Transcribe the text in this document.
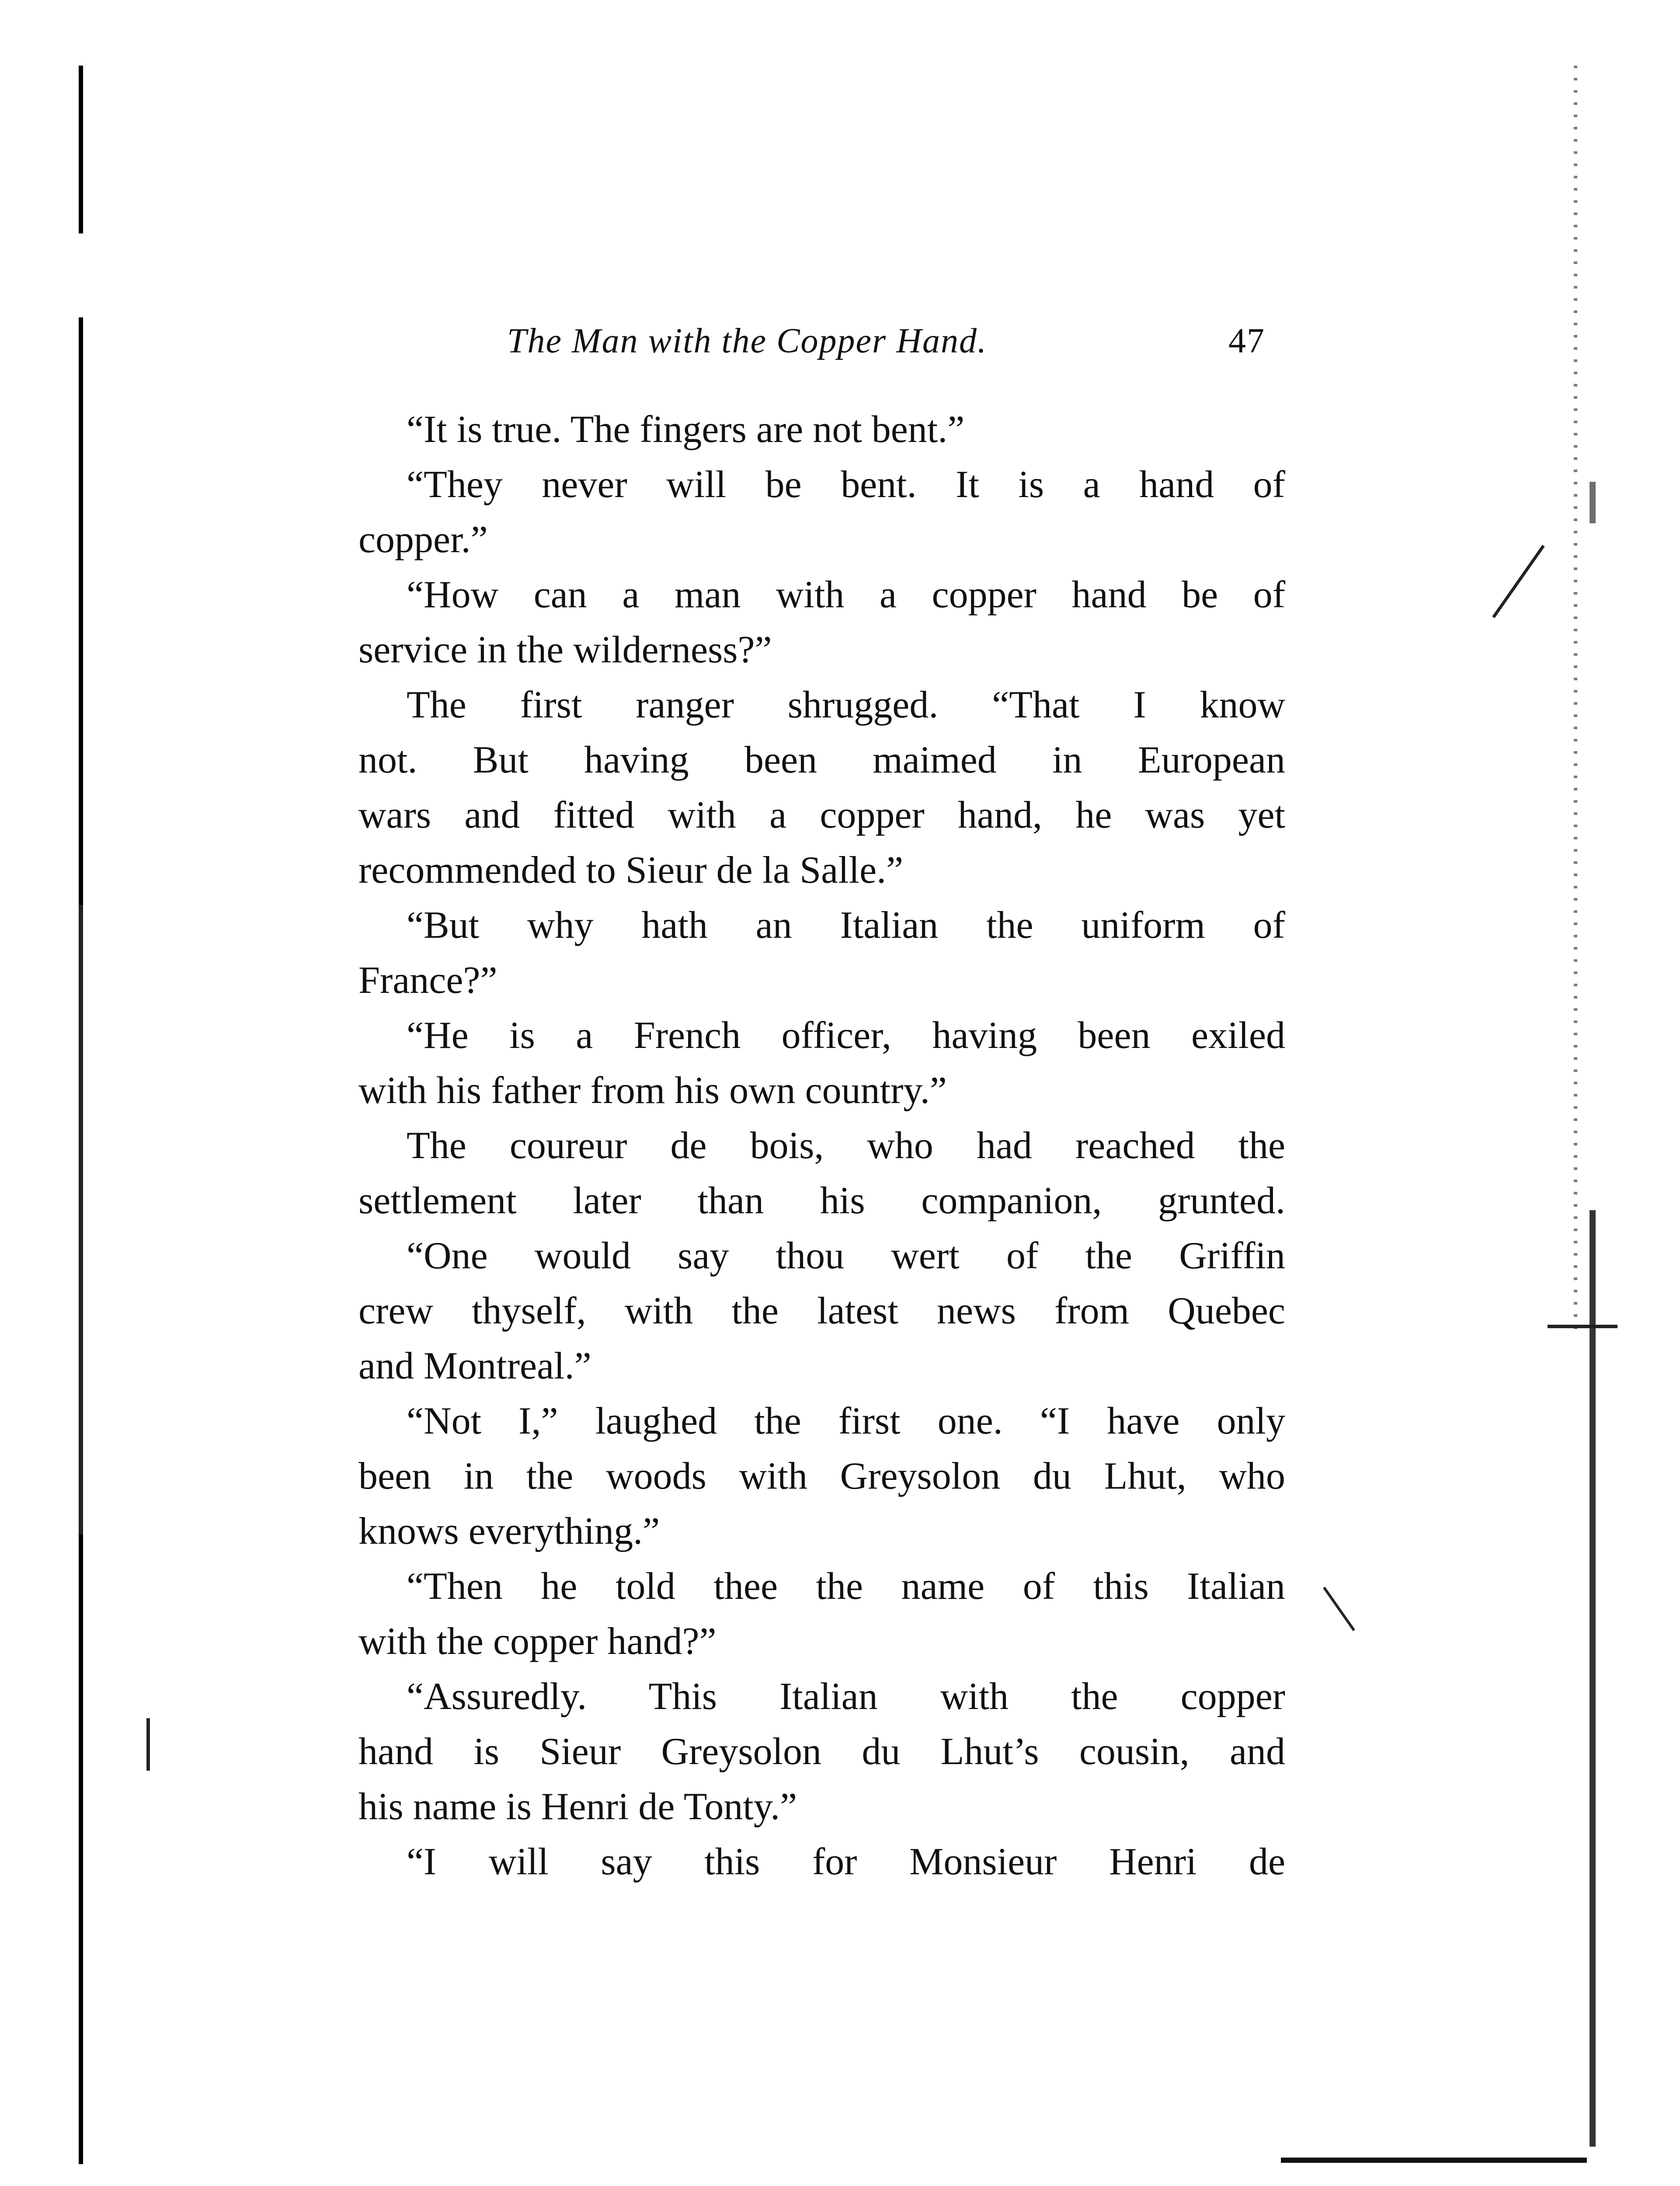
The Man with the Copper Hand.	47
“It is true. The fingers are not bent.”
“They never will be bent. It is a hand of
copper.”
“How can a man with a copper hand be of
service in the wilderness?”
The first ranger shrugged. “That I know
not. But having been maimed in European
wars and fitted with a copper hand, he was yet
recommended to Sieur de la Salle.”
“But why hath an Italian the uniform of
France?”
“He is a French officer, having been exiled
with his father from his own country.”
The coureur de bois, who had reached the
settlement later than his companion, grunted.
“One would say thou wert of the Griffin
crew thyself, with the latest news from Quebec
and Montreal.”
“Not I,” laughed the first one. “I have only
been in the woods with Greysolon du Lhut, who
knows everything.”
“Then he told thee the name of this Italian
with the copper hand?”
“Assuredly. This Italian with the copper
hand is Sieur Greysolon du Lhut’s cousin, and
his name is Henri de Tonty.”
“I will say this for Monsieur Henri de
